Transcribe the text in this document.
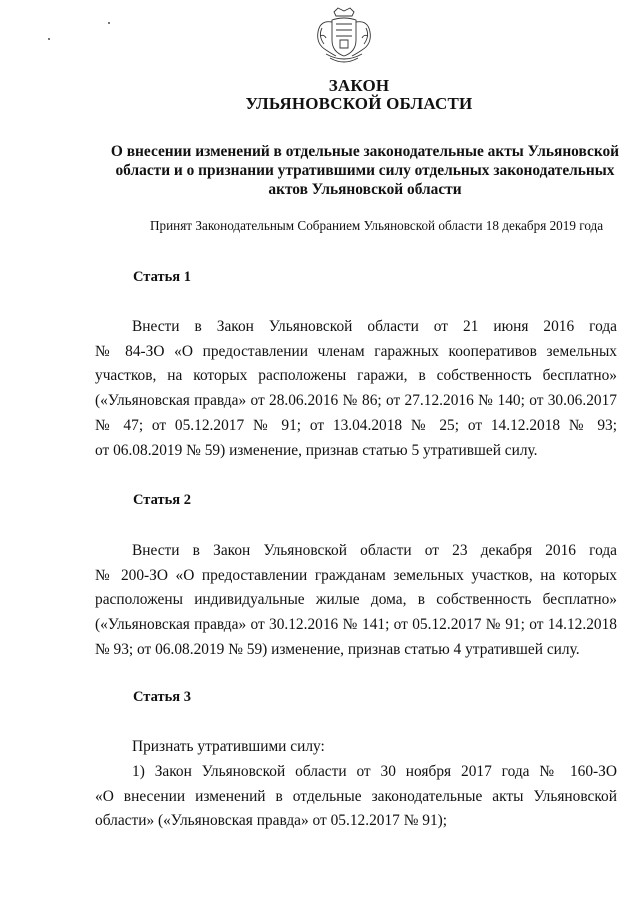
ЗАКОН
УЛЬЯНОВСКОЙ ОБЛАСТИ
О внесении изменений в отдельные законодательные акты Ульяновской области и о признании утратившими силу отдельных законодательных актов Ульяновской области
Принят Законодательным Собранием Ульяновской области 18 декабря 2019 года
Статья 1
Внести в Закон Ульяновской области от 21 июня 2016 года
№ 84-ЗО «О предоставлении членам гаражных кооперативов земельных
участков, на которых расположены гаражи, в собственность бесплатно»
(«Ульяновская правда» от 28.06.2016 № 86; от 27.12.2016 № 140; от 30.06.2017
№ 47; от 05.12.2017 № 91; от 13.04.2018 № 25; от 14.12.2018 № 93;
от 06.08.2019 № 59) изменение, признав статью 5 утратившей силу.
Статья 2
Внести в Закон Ульяновской области от 23 декабря 2016 года
№ 200-ЗО «О предоставлении гражданам земельных участков, на которых
расположены индивидуальные жилые дома, в собственность бесплатно»
(«Ульяновская правда» от 30.12.2016 № 141; от 05.12.2017 № 91; от 14.12.2018
№ 93; от 06.08.2019 № 59) изменение, признав статью 4 утратившей силу.
Статья 3
Признать утратившими силу:
1) Закон Ульяновской области от 30 ноября 2017 года № 160-ЗО
«О внесении изменений в отдельные законодательные акты Ульяновской
области» («Ульяновская правда» от 05.12.2017 № 91);
